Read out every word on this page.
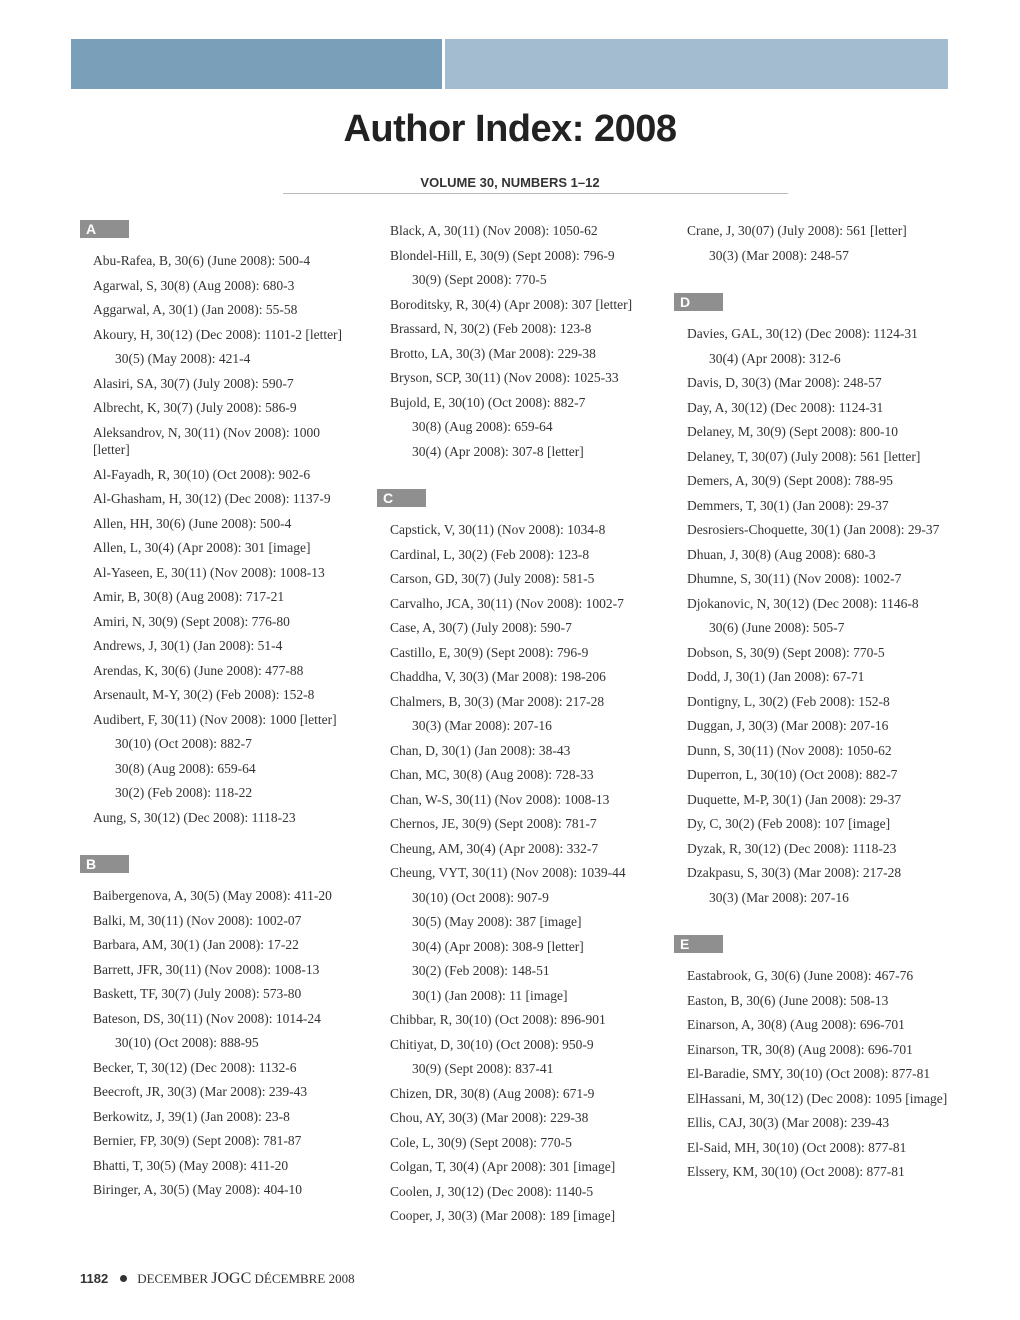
Author Index: 2008
VOLUME 30, NUMBERS 1–12
A
Abu-Rafea, B, 30(6) (June 2008): 500-4
Agarwal, S, 30(8) (Aug 2008): 680-3
Aggarwal, A, 30(1) (Jan 2008): 55-58
Akoury, H, 30(12) (Dec 2008): 1101-2 [letter]
30(5) (May 2008): 421-4
Alasiri, SA, 30(7) (July 2008): 590-7
Albrecht, K, 30(7) (July 2008): 586-9
Aleksandrov, N, 30(11) (Nov 2008): 1000 [letter]
Al-Fayadh, R, 30(10) (Oct 2008): 902-6
Al-Ghasham, H, 30(12) (Dec 2008): 1137-9
Allen, HH, 30(6) (June 2008): 500-4
Allen, L, 30(4) (Apr 2008): 301 [image]
Al-Yaseen, E, 30(11) (Nov 2008): 1008-13
Amir, B, 30(8) (Aug 2008): 717-21
Amiri, N, 30(9) (Sept 2008): 776-80
Andrews, J, 30(1) (Jan 2008): 51-4
Arendas, K, 30(6) (June 2008): 477-88
Arsenault, M-Y, 30(2) (Feb 2008): 152-8
Audibert, F, 30(11) (Nov 2008): 1000 [letter]
30(10) (Oct 2008): 882-7
30(8) (Aug 2008): 659-64
30(2) (Feb 2008): 118-22
Aung, S, 30(12) (Dec 2008): 1118-23
B
Baibergenova, A, 30(5) (May 2008): 411-20
Balki, M, 30(11) (Nov 2008): 1002-07
Barbara, AM, 30(1) (Jan 2008): 17-22
Barrett, JFR, 30(11) (Nov 2008): 1008-13
Baskett, TF, 30(7) (July 2008): 573-80
Bateson, DS, 30(11) (Nov 2008): 1014-24
30(10) (Oct 2008): 888-95
Becker, T, 30(12) (Dec 2008): 1132-6
Beecroft, JR, 30(3) (Mar 2008): 239-43
Berkowitz, J, 39(1) (Jan 2008): 23-8
Bernier, FP, 30(9) (Sept 2008): 781-87
Bhatti, T, 30(5) (May 2008): 411-20
Biringer, A, 30(5) (May 2008): 404-10
Black, A, 30(11) (Nov 2008): 1050-62
Blondel-Hill, E, 30(9) (Sept 2008): 796-9
30(9) (Sept 2008): 770-5
Boroditsky, R, 30(4) (Apr 2008): 307 [letter]
Brassard, N, 30(2) (Feb 2008): 123-8
Brotto, LA, 30(3) (Mar 2008): 229-38
Bryson, SCP, 30(11) (Nov 2008): 1025-33
Bujold, E, 30(10) (Oct 2008): 882-7
30(8) (Aug 2008): 659-64
30(4) (Apr 2008): 307-8 [letter]
C
Capstick, V, 30(11) (Nov 2008): 1034-8
Cardinal, L, 30(2) (Feb 2008): 123-8
Carson, GD, 30(7) (July 2008): 581-5
Carvalho, JCA, 30(11) (Nov 2008): 1002-7
Case, A, 30(7) (July 2008): 590-7
Castillo, E, 30(9) (Sept 2008): 796-9
Chaddha, V, 30(3) (Mar 2008): 198-206
Chalmers, B, 30(3) (Mar 2008): 217-28
30(3) (Mar 2008): 207-16
Chan, D, 30(1) (Jan 2008): 38-43
Chan, MC, 30(8) (Aug 2008): 728-33
Chan, W-S, 30(11) (Nov 2008): 1008-13
Chernos, JE, 30(9) (Sept 2008): 781-7
Cheung, AM, 30(4) (Apr 2008): 332-7
Cheung, VYT, 30(11) (Nov 2008): 1039-44
30(10) (Oct 2008): 907-9
30(5) (May 2008): 387 [image]
30(4) (Apr 2008): 308-9 [letter]
30(2) (Feb 2008): 148-51
30(1) (Jan 2008): 11 [image]
Chibbar, R, 30(10) (Oct 2008): 896-901
Chitiyat, D, 30(10) (Oct 2008): 950-9
30(9) (Sept 2008): 837-41
Chizen, DR, 30(8) (Aug 2008): 671-9
Chou, AY, 30(3) (Mar 2008): 229-38
Cole, L, 30(9) (Sept 2008): 770-5
Colgan, T, 30(4) (Apr 2008): 301 [image]
Coolen, J, 30(12) (Dec 2008): 1140-5
Cooper, J, 30(3) (Mar 2008): 189 [image]
Crane, J, 30(07) (July 2008): 561 [letter]
30(3) (Mar 2008): 248-57
D
Davies, GAL, 30(12) (Dec 2008): 1124-31
30(4) (Apr 2008): 312-6
Davis, D, 30(3) (Mar 2008): 248-57
Day, A, 30(12) (Dec 2008): 1124-31
Delaney, M, 30(9) (Sept 2008): 800-10
Delaney, T, 30(07) (July 2008): 561 [letter]
Demers, A, 30(9) (Sept 2008): 788-95
Demmers, T, 30(1) (Jan 2008): 29-37
Desrosiers-Choquette, 30(1) (Jan 2008): 29-37
Dhuan, J, 30(8) (Aug 2008): 680-3
Dhumne, S, 30(11) (Nov 2008): 1002-7
Djokanovic, N, 30(12) (Dec 2008): 1146-8
30(6) (June 2008): 505-7
Dobson, S, 30(9) (Sept 2008): 770-5
Dodd, J, 30(1) (Jan 2008): 67-71
Dontigny, L, 30(2) (Feb 2008): 152-8
Duggan, J, 30(3) (Mar 2008): 207-16
Dunn, S, 30(11) (Nov 2008): 1050-62
Duperron, L, 30(10) (Oct 2008): 882-7
Duquette, M-P, 30(1) (Jan 2008): 29-37
Dy, C, 30(2) (Feb 2008): 107 [image]
Dyzak, R, 30(12) (Dec 2008): 1118-23
Dzakpasu, S, 30(3) (Mar 2008): 217-28
30(3) (Mar 2008): 207-16
E
Eastabrook, G, 30(6) (June 2008): 467-76
Easton, B, 30(6) (June 2008): 508-13
Einarson, A, 30(8) (Aug 2008): 696-701
Einarson, TR, 30(8) (Aug 2008): 696-701
El-Baradie, SMY, 30(10) (Oct 2008): 877-81
ElHassani, M, 30(12) (Dec 2008): 1095 [image]
Ellis, CAJ, 30(3) (Mar 2008): 239-43
El-Said, MH, 30(10) (Oct 2008): 877-81
Elssery, KM, 30(10) (Oct 2008): 877-81
1182 DECEMBER JOGC DÉCEMBRE 2008
